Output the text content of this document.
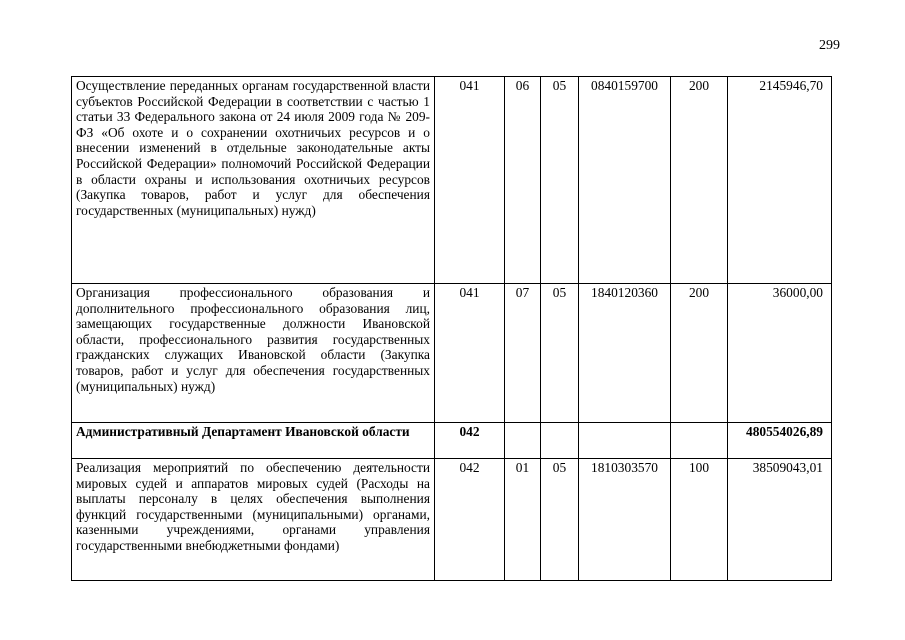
299
Осуществление переданных органам государственной власти субъектов Российской Федерации в соответствии с частью 1 статьи 33 Федерального закона от 24 июля 2009 года № 209-ФЗ «Об охоте и о сохранении охотничьих ресурсов и о внесении изменений в отдельные законодательные акты Российской Федерации» полномочий Российской Федерации в области охраны и использования охотничьих ресурсов (Закупка товаров, работ и услуг для обеспечения государственных (муниципальных) нужд)	041	06	05	0840159700	200	2145946,70
Организация профессионального образования и дополнительного профессионального образования лиц, замещающих государственные должности Ивановской области, профессионального развития государственных гражданских служащих Ивановской области (Закупка товаров, работ и услуг для обеспечения государственных (муниципальных) нужд)	041	07	05	1840120360	200	36000,00
Административный Департамент Ивановской области	042					480554026,89
Реализация мероприятий по обеспечению деятельности мировых судей и аппаратов мировых судей (Расходы на выплаты персоналу в целях обеспечения выполнения функций государственными (муниципальными) органами, казенными учреждениями, органами управления государственными внебюджетными фондами)	042	01	05	1810303570	100	38509043,01
